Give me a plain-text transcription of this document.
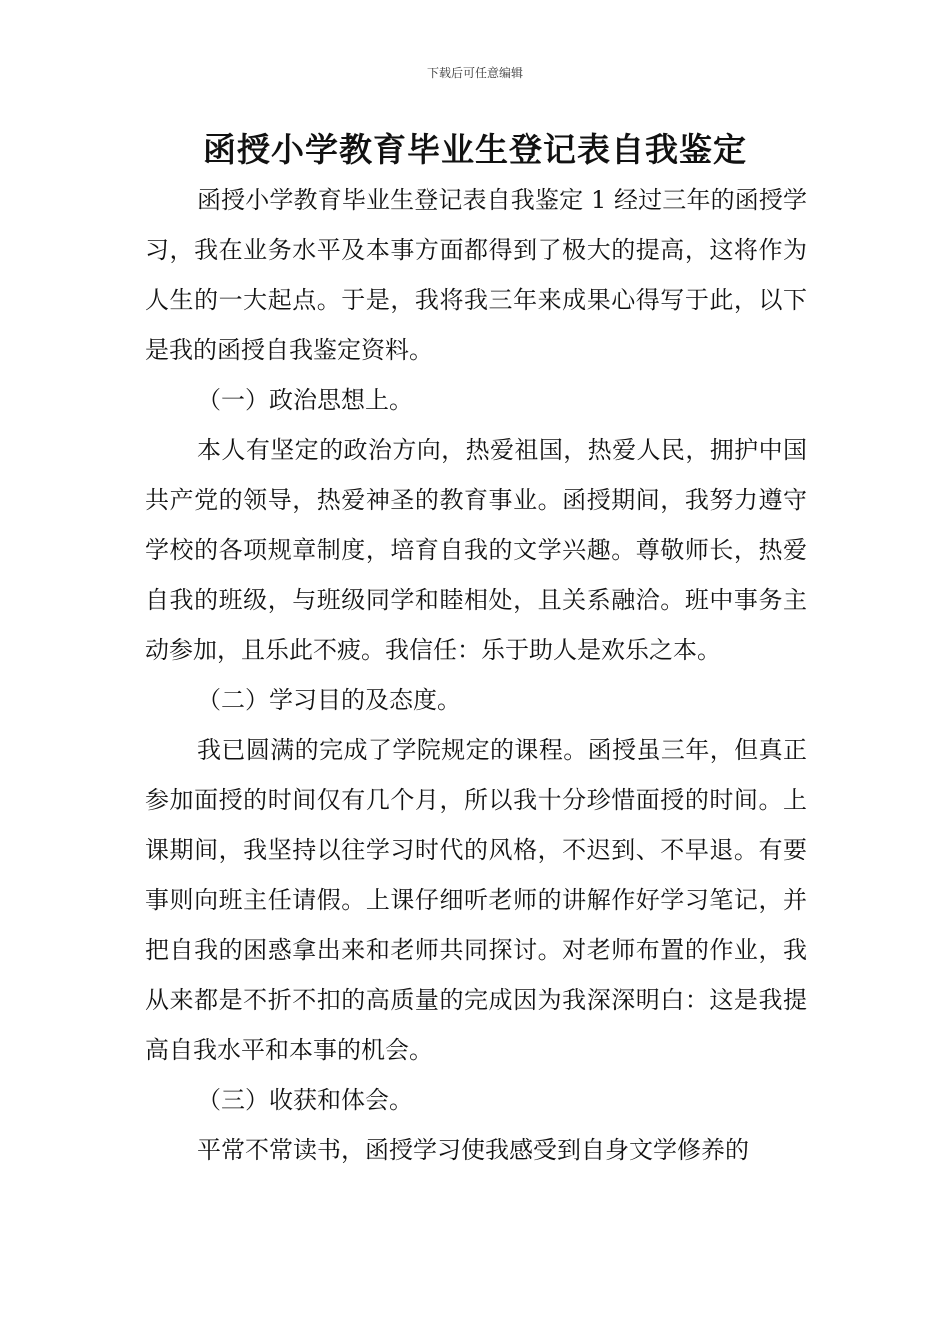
下载后可任意编辑
函授小学教育毕业生登记表自我鉴定

函授小学教育毕业生登记表自我鉴定 1 经过三年的函授学习，我在业务水平及本事方面都得到了极大的提高，这将作为人生的一大起点。于是，我将我三年来成果心得写于此，以下是我的函授自我鉴定资料。

（一）政治思想上。

本人有坚定的政治方向，热爱祖国，热爱人民，拥护中国共产党的领导，热爱神圣的教育事业。函授期间，我努力遵守学校的各项规章制度，培育自我的文学兴趣。尊敬师长，热爱自我的班级，与班级同学和睦相处，且关系融洽。班中事务主动参加，且乐此不疲。我信任：乐于助人是欢乐之本。

（二）学习目的及态度。

我已圆满的完成了学院规定的课程。函授虽三年，但真正参加面授的时间仅有几个月，所以我十分珍惜面授的时间。上课期间，我坚持以往学习时代的风格，不迟到、不早退。有要事则向班主任请假。上课仔细听老师的讲解作好学习笔记，并把自我的困惑拿出来和老师共同探讨。对老师布置的作业，我从来都是不折不扣的高质量的完成因为我深深明白：这是我提高自我水平和本事的机会。

（三）收获和体会。

平常不常读书，函授学习使我感受到自身文学修养的
